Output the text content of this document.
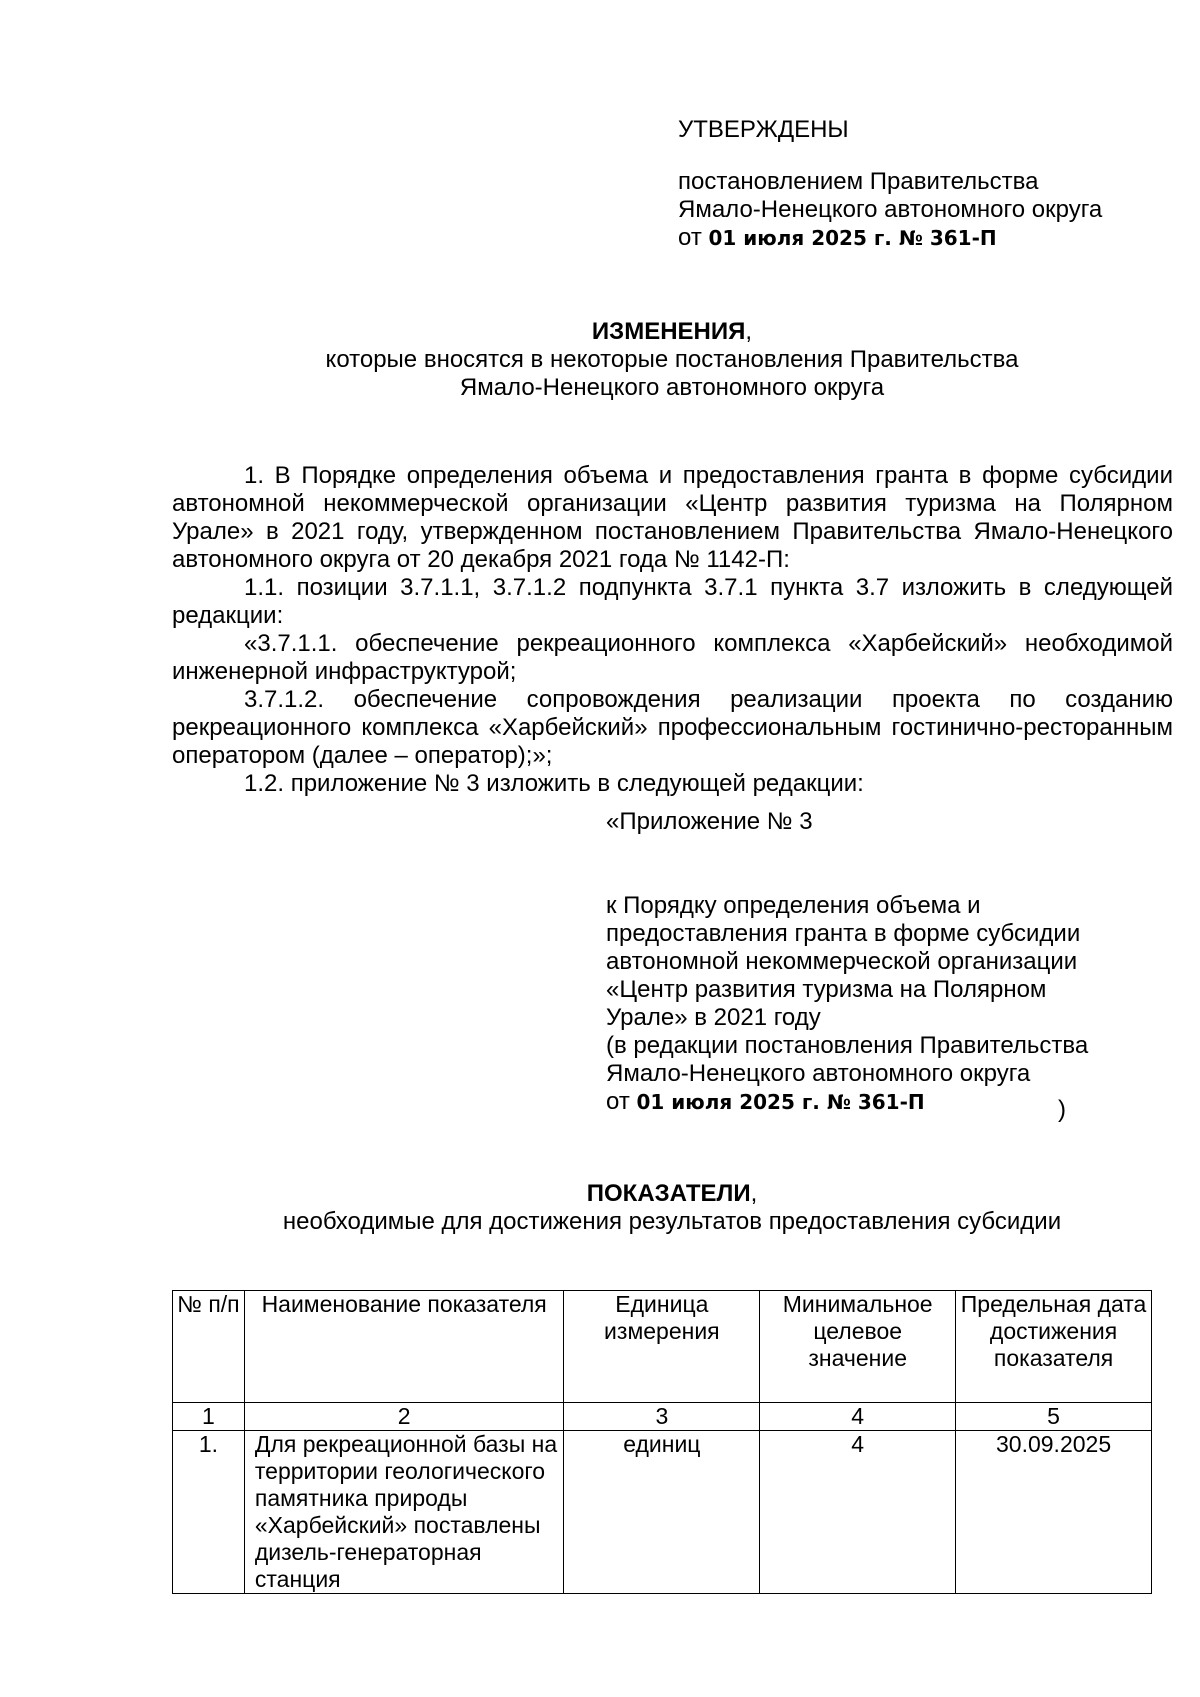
УТВЕРЖДЕНЫ
постановлением Правительства
Ямало-Ненецкого автономного округа
от 01 июля 2025 г. № 361-П
ИЗМЕНЕНИЯ,
которые вносятся в некоторые постановления Правительства
Ямало-Ненецкого автономного округа

1. В Порядке определения объема и предоставления гранта в форме субсидии автономной некоммерческой организации «Центр развития туризма на Полярном Урале» в 2021 году, утвержденном постановлением Правительства Ямало-Ненецкого автономного округа от 20 декабря 2021 года № 1142-П:

1.1. позиции 3.7.1.1, 3.7.1.2 подпункта 3.7.1 пункта 3.7 изложить в следующей редакции:

«3.7.1.1. обеспечение рекреационного комплекса «Харбейский» необходимой инженерной инфраструктурой;

3.7.1.2. обеспечение сопровождения реализации проекта по созданию рекреационного комплекса «Харбейский» профессиональным гостинично-ресторанным оператором (далее – оператор);»;

1.2. приложение № 3 изложить в следующей редакции:

«Приложение № 3
к Порядку определения объема и
предоставления гранта в форме субсидии
автономной некоммерческой организации
«Центр развития туризма на Полярном
Урале» в 2021 году
(в редакции постановления Правительства
Ямало-Ненецкого автономного округа
от 01 июля 2025 г. № 361-П	)
ПОКАЗАТЕЛИ,
необходимые для достижения результатов предоставления субсидии
№ п/п	Наименование показателя	Единица измерения	Минимальное целевое значение	Предельная дата достижения показателя
1	2	3	4	5
1.	Для рекреационной базы на территории геологического памятника природы «Харбейский» поставлены дизель-генераторная станция	единиц	4	30.09.2025
